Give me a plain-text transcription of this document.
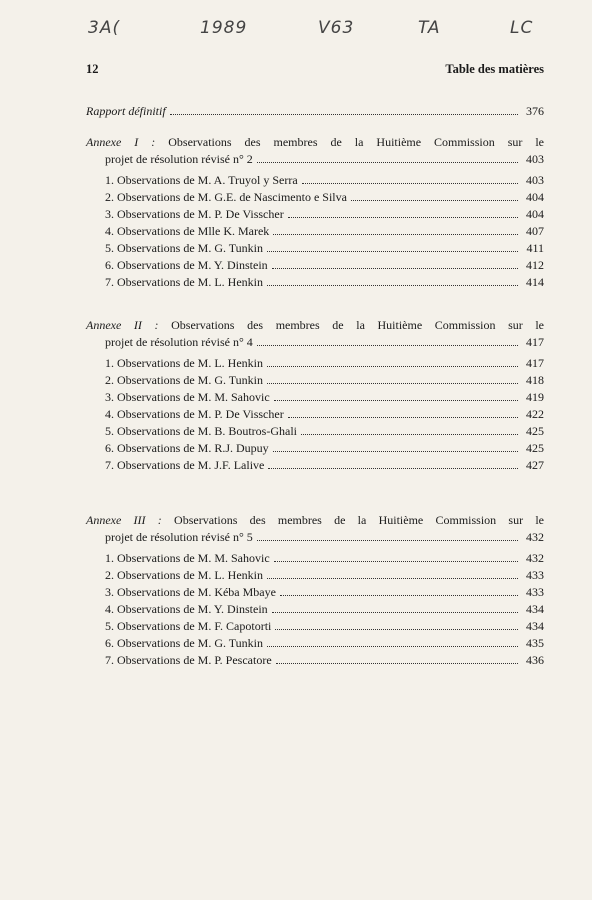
3A(	1989	V63	TA	LC
12	Table des matières
Rapport définitif	376
Annexe I : Observations des membres de la Huitième Commission sur le
projet de résolution révisé n° 2	403
1. Observations de M. A. Truyol y Serra	403
2. Observations de M. G.E. de Nascimento e Silva	404
3. Observations de M. P. De Visscher	404
4. Observations de Mlle K. Marek	407
5. Observations de M. G. Tunkin	411
6. Observations de M. Y. Dinstein	412
7. Observations de M. L. Henkin	414
Annexe II : Observations des membres de la Huitième Commission sur le
projet de résolution révisé n° 4	417
1. Observations de M. L. Henkin	417
2. Observations de M. G. Tunkin	418
3. Observations de M. M. Sahovic	419
4. Observations de M. P. De Visscher	422
5. Observations de M. B. Boutros-Ghali	425
6. Observations de M. R.J. Dupuy	425
7. Observations de M. J.F. Lalive	427
Annexe III : Observations des membres de la Huitième Commission sur le
projet de résolution révisé n° 5	432
1. Observations de M. M. Sahovic	432
2. Observations de M. L. Henkin	433
3. Observations de M. Kéba Mbaye	433
4. Observations de M. Y. Dinstein	434
5. Observations de M. F. Capotorti	434
6. Observations de M. G. Tunkin	435
7. Observations de M. P. Pescatore	436
